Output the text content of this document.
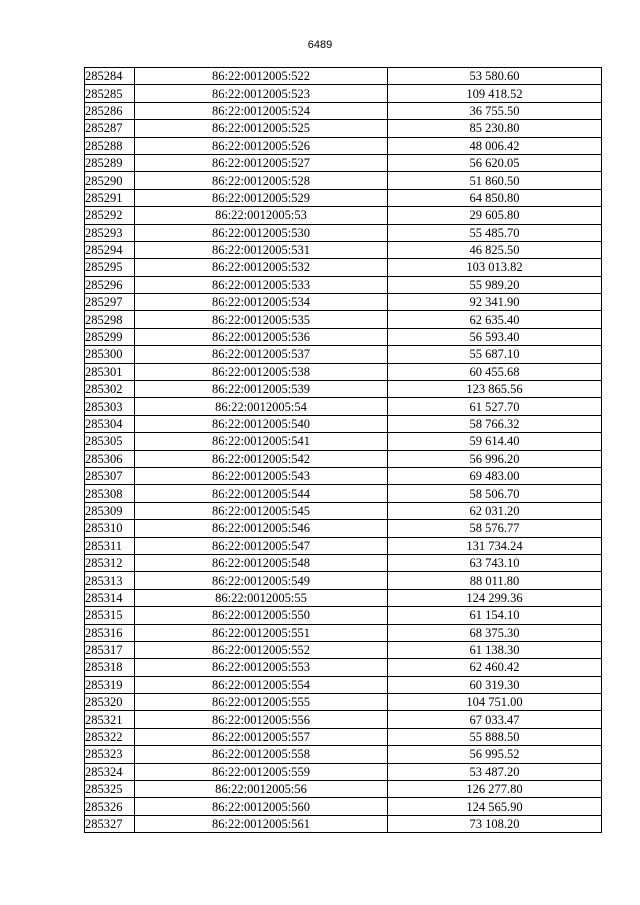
6489
285284	86:22:0012005:522	53 580.60
285285	86:22:0012005:523	109 418.52
285286	86:22:0012005:524	36 755.50
285287	86:22:0012005:525	85 230.80
285288	86:22:0012005:526	48 006.42
285289	86:22:0012005:527	56 620.05
285290	86:22:0012005:528	51 860.50
285291	86:22:0012005:529	64 850.80
285292	86:22:0012005:53	29 605.80
285293	86:22:0012005:530	55 485.70
285294	86:22:0012005:531	46 825.50
285295	86:22:0012005:532	103 013.82
285296	86:22:0012005:533	55 989.20
285297	86:22:0012005:534	92 341.90
285298	86:22:0012005:535	62 635.40
285299	86:22:0012005:536	56 593.40
285300	86:22:0012005:537	55 687.10
285301	86:22:0012005:538	60 455.68
285302	86:22:0012005:539	123 865.56
285303	86:22:0012005:54	61 527.70
285304	86:22:0012005:540	58 766.32
285305	86:22:0012005:541	59 614.40
285306	86:22:0012005:542	56 996.20
285307	86:22:0012005:543	69 483.00
285308	86:22:0012005:544	58 506.70
285309	86:22:0012005:545	62 031.20
285310	86:22:0012005:546	58 576.77
285311	86:22:0012005:547	131 734.24
285312	86:22:0012005:548	63 743.10
285313	86:22:0012005:549	88 011.80
285314	86:22:0012005:55	124 299.36
285315	86:22:0012005:550	61 154.10
285316	86:22:0012005:551	68 375.30
285317	86:22:0012005:552	61 138.30
285318	86:22:0012005:553	62 460.42
285319	86:22:0012005:554	60 319.30
285320	86:22:0012005:555	104 751.00
285321	86:22:0012005:556	67 033.47
285322	86:22:0012005:557	55 888.50
285323	86:22:0012005:558	56 995.52
285324	86:22:0012005:559	53 487.20
285325	86:22:0012005:56	126 277.80
285326	86:22:0012005:560	124 565.90
285327	86:22:0012005:561	73 108.20
